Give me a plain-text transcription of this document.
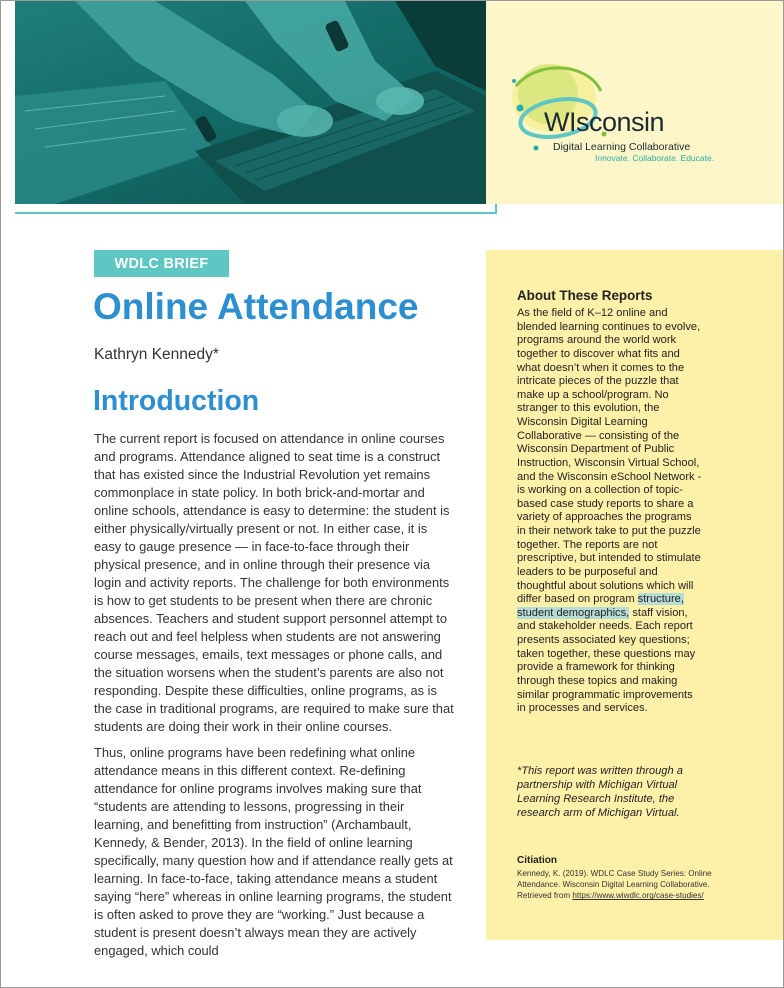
WIsconsin
Digital Learning Collaborative
Innovate. Collaborate. Educate.
WDLC BRIEF
Online Attendance

Kathryn Kennedy*

Introduction

The current report is focused on attendance in online courses and programs. Attendance aligned to seat time is a construct that has existed since the Industrial Revolution yet remains commonplace in state policy. In both brick-and-mortar and online schools, attendance is easy to determine: the student is either physically/virtually present or not. In either case, it is easy to gauge presence — in face-to-face through their physical presence, and in online through their presence via login and activity reports. The challenge for both environments is how to get students to be present when there are chronic absences. Teachers and student support personnel attempt to reach out and feel helpless when students are not answering course messages, emails, text messages or phone calls, and the situation worsens when the student’s parents are also not responding. Despite these difficulties, online programs, as is the case in traditional programs, are required to make sure that students are doing their work in their online courses.

Thus, online programs have been redefining what online attendance means in this different context. Re-defining attendance for online programs involves making sure that “students are attending to lessons, progressing in their learning, and benefitting from instruction” (Archambault, Kennedy, & Bender, 2013). In the field of online learning specifically, many question how and if attendance really gets at learning. In face-to-face, taking attendance means a student saying “here” whereas in online learning programs, the student is often asked to prove they are “working.” Just because a student is present doesn’t always mean they are actively engaged, which could

About These Reports

As the field of K–12 online and blended learning continues to evolve, programs around the world work together to discover what fits and what doesn’t when it comes to the intricate pieces of the puzzle that make up a school/program. No stranger to this evolution, the Wisconsin Digital Learning Collaborative — consisting of the Wisconsin Department of Public Instruction, Wisconsin Virtual School, and the Wisconsin eSchool Network - is working on a collection of topic-based case study reports to share a variety of approaches the programs in their network take to put the puzzle together. The reports are not prescriptive, but intended to stimulate leaders to be purposeful and thoughtful about solutions which will differ based on program structure, student demographics, staff vision, and stakeholder needs. Each report presents associated key questions; taken together, these questions may provide a framework for thinking through these topics and making similar programmatic improvements in processes and services.

*This report was written through a partnership with Michigan Virtual Learning Research Institute, the research arm of Michigan Virtual.

Citiation

Kennedy, K. (2019). WDLC Case Study Series: Online Attendance. Wisconsin Digital Learning Collaborative. Retrieved from https://www.wiwdlc.org/case-studies/
